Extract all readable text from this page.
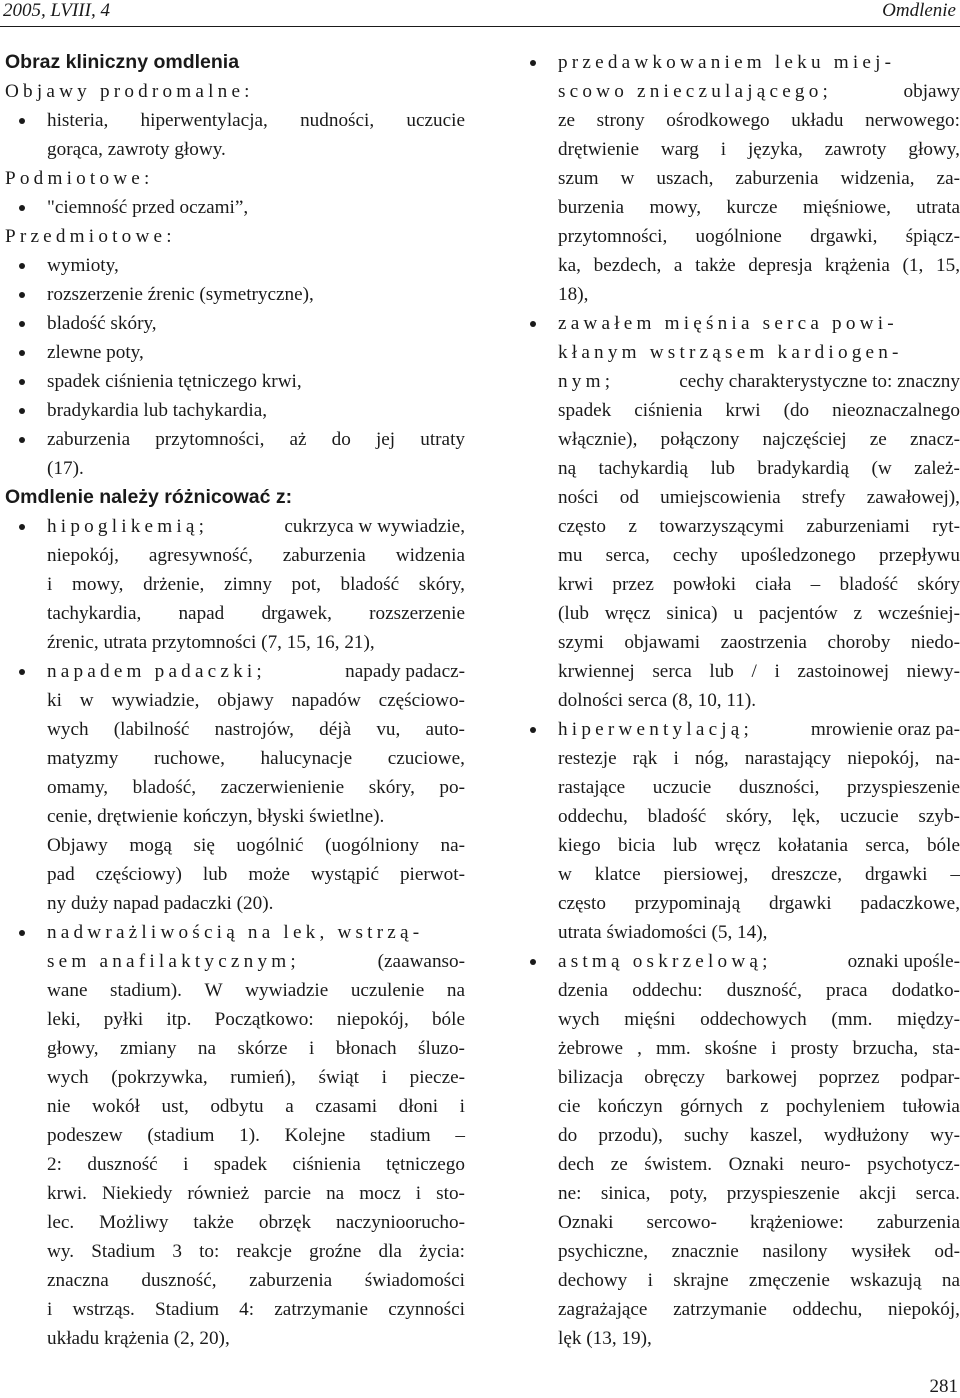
2005, LVIII, 4	Omdlenie
Obraz kliniczny omdlenia
Objawy prodromalne:
histeria, hiperwentylacja, nudności, uczucie
gorąca, zawroty głowy.
Podmiotowe:
"ciemność przed oczami”,
Przedmiotowe:
wymioty,
rozszerzenie źrenic (symetryczne),
bladość skóry,
zlewne poty,
spadek ciśnienia tętniczego krwi,
bradykardia lub tachykardia,
zaburzenia przytomności, aż do jej utraty
(17).
Omdlenie należy różnicować z:
hipoglikemią;	cukrzyca w wywiadzie,
niepokój, agresywność, zaburzenia widzenia
i mowy, drżenie, zimny pot, bladość skóry,
tachykardia, napad drgawek, rozszerzenie
źrenic, utrata przytomności (7, 15, 16, 21),
napadem padaczki;	napady padacz-
ki w wywiadzie, objawy napadów częściowo-
wych (labilność nastrojów, déjà vu, auto-
matyzmy ruchowe, halucynacje czuciowe,
omamy, bladość, zaczerwienienie skóry, po-
cenie, drętwienie kończyn, błyski świetlne).
Objawy mogą się uogólnić (uogólniony na-
pad częściowy) lub może wystąpić pierwot-
ny duży napad padaczki (20).
nadwrażliwością na lek, wstrzą-
sem anafilaktycznym;	(zaawanso-
wane stadium). W wywiadzie uczulenie na
leki, pyłki itp. Początkowo: niepokój, bóle
głowy, zmiany na skórze i błonach śluzo-
wych (pokrzywka, rumień), świąt i piecze-
nie wokół ust, odbytu a czasami dłoni i
podeszew (stadium 1). Kolejne stadium –
2: duszność i spadek ciśnienia tętniczego
krwi. Niekiedy również parcie na mocz i sto-
lec. Możliwy także obrzęk naczynioorucho-
wy. Stadium 3 to: reakcje groźne dla życia:
znaczna duszność, zaburzenia świadomości
i wstrząs. Stadium 4: zatrzymanie czynności
układu krążenia (2, 20),
przedawkowaniem leku miej-
scowo znieczulającego;	objawy
ze strony ośrodkowego układu nerwowego:
drętwienie warg i języka, zawroty głowy,
szum w uszach, zaburzenia widzenia, za-
burzenia mowy, kurcze mięśniowe, utrata
przytomności, uogólnione drgawki, śpiącz-
ka, bezdech, a także depresja krążenia (1, 15,
18),
zawałem mięśnia serca powi-
kłanym wstrząsem kardiogen-
nym;	cechy charakterystyczne to: znaczny
spadek ciśnienia krwi (do nieoznaczalnego
włącznie), połączony najczęściej ze znacz-
ną tachykardią lub bradykardią (w zależ-
ności od umiejscowienia strefy zawałowej),
często z towarzyszącymi zaburzeniami ryt-
mu serca, cechy upośledzonego przepływu
krwi przez powłoki ciała – bladość skóry
(lub wręcz sinica) u pacjentów z wcześniej-
szymi objawami zaostrzenia choroby niedo-
krwiennej serca lub / i zastoinowej niewy-
dolności serca (8, 10, 11).
hiperwentylacją;	mrowienie oraz pa-
restezje rąk i nóg, narastający niepokój, na-
rastające uczucie duszności, przyspieszenie
oddechu, bladość skóry, lęk, uczucie szyb-
kiego bicia lub wręcz kołatania serca, bóle
w klatce piersiowej, dreszcze, drgawki –
często przypominają drgawki padaczkowe,
utrata świadomości (5, 14),
astmą oskrzelową;	oznaki upośle-
dzenia oddechu: duszność, praca dodatko-
wych mięśni oddechowych (mm. między-
żebrowe , mm. skośne i prosty brzucha, sta-
bilizacja obręczy barkowej poprzez podpar-
cie kończyn górnych z pochyleniem tułowia
do przodu), suchy kaszel, wydłużony wy-
dech ze świstem. Oznaki neuro- psychotycz-
ne: sinica, poty, przyspieszenie akcji serca.
Oznaki sercowo- krążeniowe: zaburzenia
psychiczne, znacznie nasilony wysiłek od-
dechowy i skrajne zmęczenie wskazują na
zagrażające zatrzymanie oddechu, niepokój,
lęk (13, 19),
281
